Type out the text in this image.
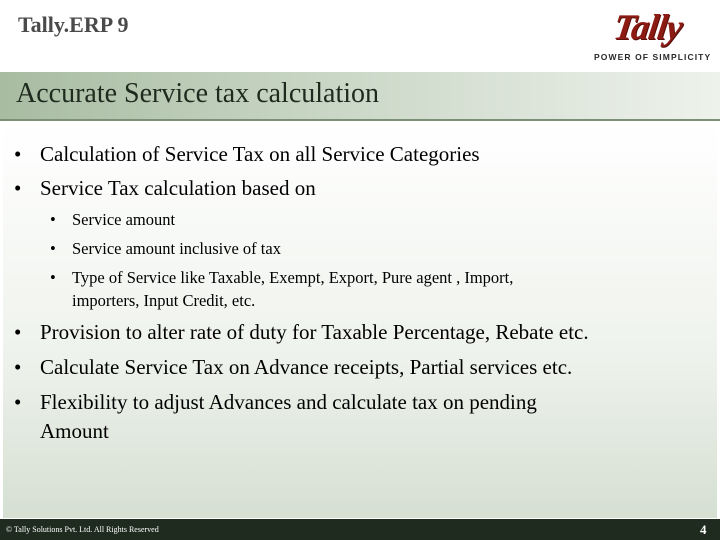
Tally.ERP 9	Tally
POWER OF SIMPLICITY
Accurate Service tax calculation
• Calculation of Service Tax on all Service Categories
• Service Tax calculation based on
• Service amount
• Service amount inclusive of tax
• Type of Service like Taxable, Exempt, Export, Pure agent , Import,
importers, Input Credit, etc.
• Provision to alter rate of duty for Taxable Percentage, Rebate etc.
• Calculate Service Tax on Advance receipts, Partial services etc.
• Flexibility to adjust Advances and calculate tax on pending
Amount
© Tally Solutions Pvt. Ltd. All Rights Reserved	4
